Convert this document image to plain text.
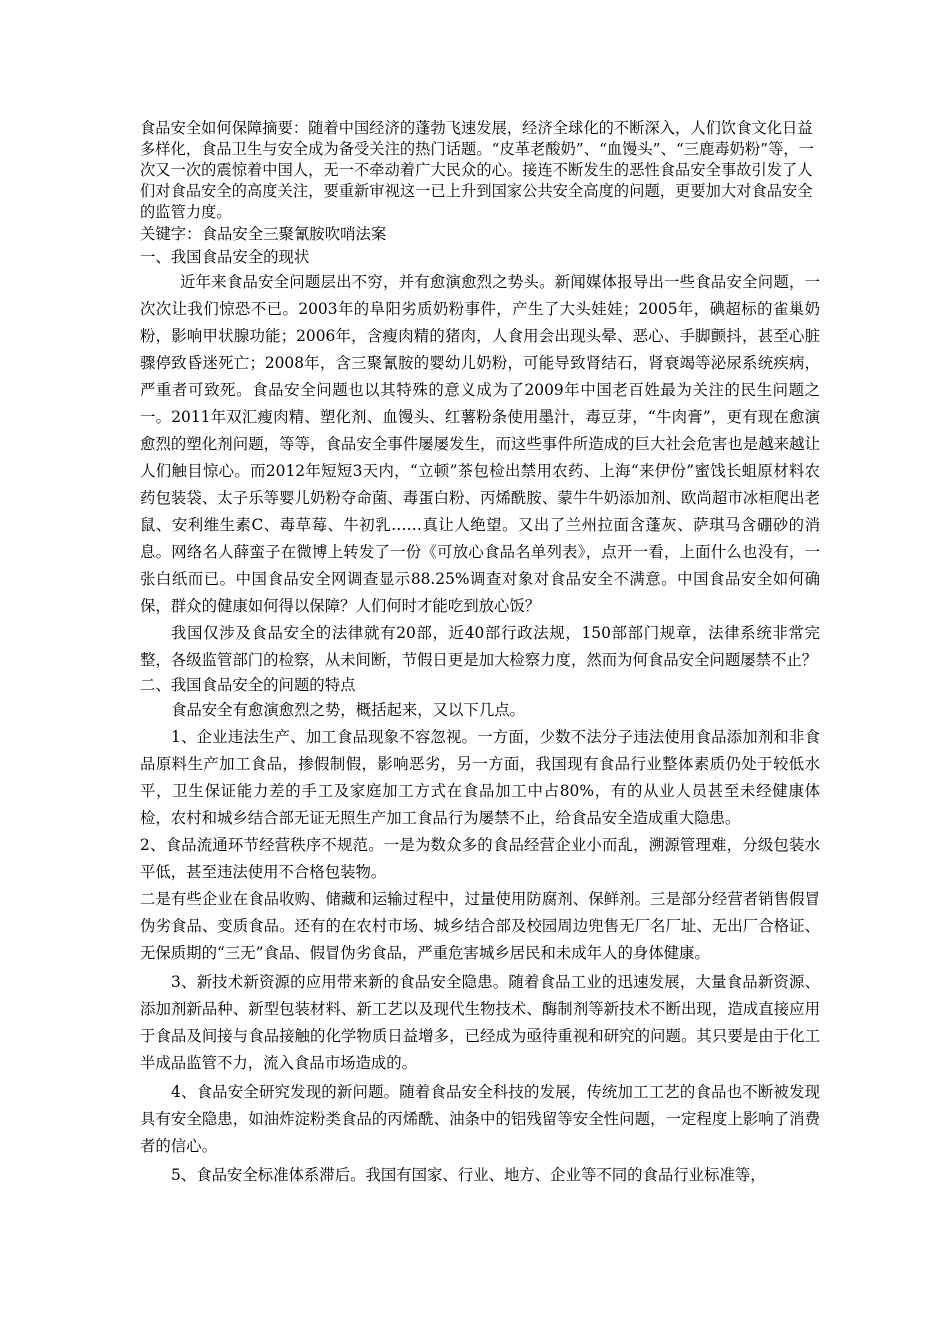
食品安全如何保障摘要：随着中国经济的蓬勃飞速发展，经济全球化的不断深入，人们饮食文化日益多样化，食品卫生与安全成为备受关注的热门话题。“皮革老酸奶”、“血馒头”、“三鹿毒奶粉”等，一次又一次的震惊着中国人，无一不牵动着广大民众的心。接连不断发生的恶性食品安全事故引发了人们对食品安全的高度关注，要重新审视这一已上升到国家公共安全高度的问题，更要加大对食品安全的监管力度。

关键字：食品安全三聚氰胺吹哨法案

一、我国食品安全的现状

近年来食品安全问题层出不穷，并有愈演愈烈之势头。新闻媒体报导出一些食品安全问题，一次次让我们惊恐不已。2003年的阜阳劣质奶粉事件，产生了大头娃娃；2005年，碘超标的雀巢奶粉，影响甲状腺功能；2006年，含瘦肉精的猪肉，人食用会出现头晕、恶心、手脚颤抖，甚至心脏骤停致昏迷死亡；2008年，含三聚氰胺的婴幼儿奶粉，可能导致肾结石，肾衰竭等泌尿系统疾病，严重者可致死。食品安全问题也以其特殊的意义成为了2009年中国老百姓最为关注的民生问题之一。2011年双汇瘦肉精、塑化剂、血馒头、红薯粉条使用墨汁，毒豆芽，“牛肉膏”，更有现在愈演愈烈的塑化剂问题，等等，食品安全事件屡屡发生，而这些事件所造成的巨大社会危害也是越来越让人们触目惊心。而2012年短短3天内，“立顿”茶包检出禁用农药、上海“来伊份”蜜饯长蛆原材料农药包装袋、太子乐等婴儿奶粉夺命菌、毒蛋白粉、丙烯酰胺、蒙牛牛奶添加剂、欧尚超市冰柜爬出老鼠、安利维生素C、毒草莓、牛初乳……真让人绝望。又出了兰州拉面含蓬灰、萨琪马含硼砂的消息。网络名人薛蛮子在微博上转发了一份《可放心食品名单列表》，点开一看，上面什么也没有，一张白纸而已。中国食品安全网调查显示88.25%调查对象对食品安全不满意。中国食品安全如何确保，群众的健康如何得以保障？人们何时才能吃到放心饭？

我国仅涉及食品安全的法律就有20部，近40部行政法规，150部部门规章，法律系统非常完整，各级监管部门的检察，从未间断，节假日更是加大检察力度，然而为何食品安全问题屡禁不止？

二、我国食品安全的问题的特点

食品安全有愈演愈烈之势，概括起来，又以下几点。

1、企业违法生产、加工食品现象不容忽视。一方面，少数不法分子违法使用食品添加剂和非食品原料生产加工食品，掺假制假，影响恶劣，另一方面，我国现有食品行业整体素质仍处于较低水平，卫生保证能力差的手工及家庭加工方式在食品加工中占80%，有的从业人员甚至未经健康体检，农村和城乡结合部无证无照生产加工食品行为屡禁不止，给食品安全造成重大隐患。

2、食品流通环节经营秩序不规范。一是为数众多的食品经营企业小而乱，溯源管理难，分级包装水平低，甚至违法使用不合格包装物。

二是有些企业在食品收购、储藏和运输过程中，过量使用防腐剂、保鲜剂。三是部分经营者销售假冒伪劣食品、变质食品。还有的在农村市场、城乡结合部及校园周边兜售无厂名厂址、无出厂合格证、无保质期的“三无”食品、假冒伪劣食品，严重危害城乡居民和未成年人的身体健康。

3、新技术新资源的应用带来新的食品安全隐患。随着食品工业的迅速发展，大量食品新资源、添加剂新品种、新型包装材料、新工艺以及现代生物技术、酶制剂等新技术不断出现，造成直接应用于食品及间接与食品接触的化学物质日益增多，已经成为亟待重视和研究的问题。其只要是由于化工半成品监管不力，流入食品市场造成的。

4、食品安全研究发现的新问题。随着食品安全科技的发展，传统加工工艺的食品也不断被发现具有安全隐患，如油炸淀粉类食品的丙烯酰、油条中的铝残留等安全性问题，一定程度上影响了消费者的信心。

5、食品安全标准体系滞后。我国有国家、行业、地方、企业等不同的食品行业标准等，
